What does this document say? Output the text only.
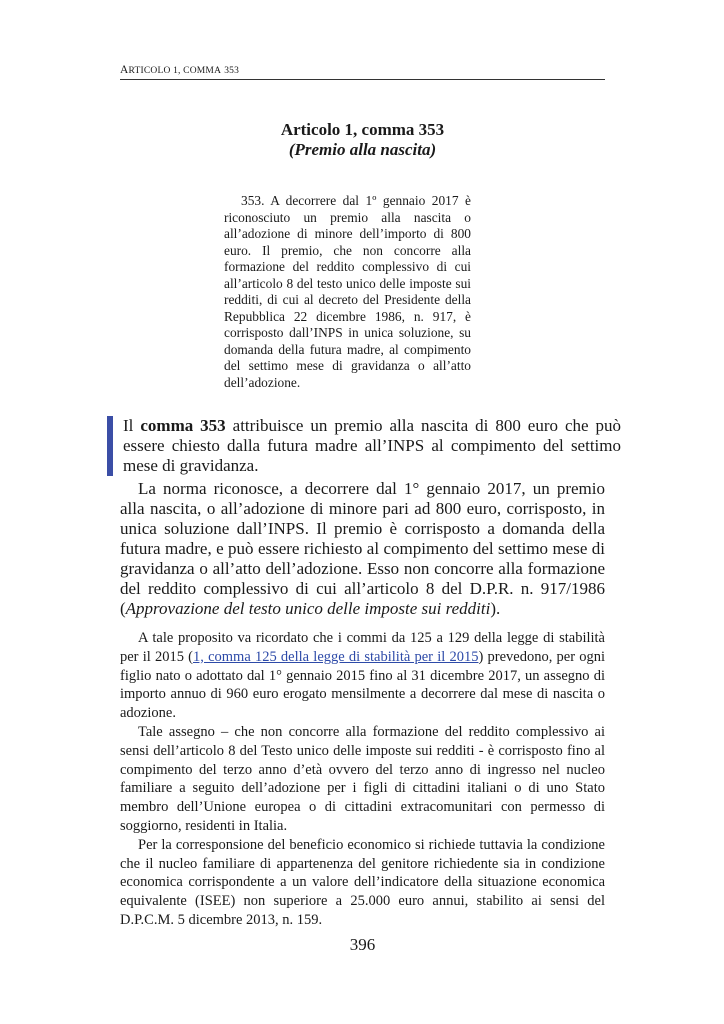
ARTICOLO 1, COMMA 353
Articolo 1, comma 353
(Premio alla nascita)

353. A decorrere dal 1º gennaio 2017 è riconosciuto un premio alla nascita o all’adozione di minore dell’importo di 800 euro. Il premio, che non concorre alla formazione del reddito complessivo di cui all’articolo 8 del testo unico delle imposte sui redditi, di cui al decreto del Presidente della Repubblica 22 dicembre 1986, n. 917, è corrisposto dall’INPS in unica soluzione, su domanda della futura madre, al compimento del settimo mese di gravidanza o all’atto dell’adozione.

Il comma 353 attribuisce un premio alla nascita di 800 euro che può essere chiesto dalla futura madre all’INPS al compimento del settimo mese di gravidanza.

La norma riconosce, a decorrere dal 1° gennaio 2017, un premio alla nascita, o all’adozione di minore pari ad 800 euro, corrisposto, in unica soluzione dall’INPS. Il premio è corrisposto a domanda della futura madre, e può essere richiesto al compimento del settimo mese di gravidanza o all’atto dell’adozione. Esso non concorre alla formazione del reddito complessivo di cui all’articolo 8 del D.P.R. n. 917/1986 (Approvazione del testo unico delle imposte sui redditi).

A tale proposito va ricordato che i commi da 125 a 129 della legge di stabilità per il 2015 (1, comma 125 della legge di stabilità per il 2015) prevedono, per ogni figlio nato o adottato dal 1° gennaio 2015 fino al 31 dicembre 2017, un assegno di importo annuo di 960 euro erogato mensilmente a decorrere dal mese di nascita o adozione.

Tale assegno – che non concorre alla formazione del reddito complessivo ai sensi dell’articolo 8 del Testo unico delle imposte sui redditi - è corrisposto fino al compimento del terzo anno d’età ovvero del terzo anno di ingresso nel nucleo familiare a seguito dell’adozione per i figli di cittadini italiani o di uno Stato membro dell’Unione europea o di cittadini extracomunitari con permesso di soggiorno, residenti in Italia.

Per la corresponsione del beneficio economico si richiede tuttavia la condizione che il nucleo familiare di appartenenza del genitore richiedente sia in condizione economica corrispondente a un valore dell’indicatore della situazione economica equivalente (ISEE) non superiore a 25.000 euro annui, stabilito ai sensi del D.P.C.M. 5 dicembre 2013, n. 159.

396
